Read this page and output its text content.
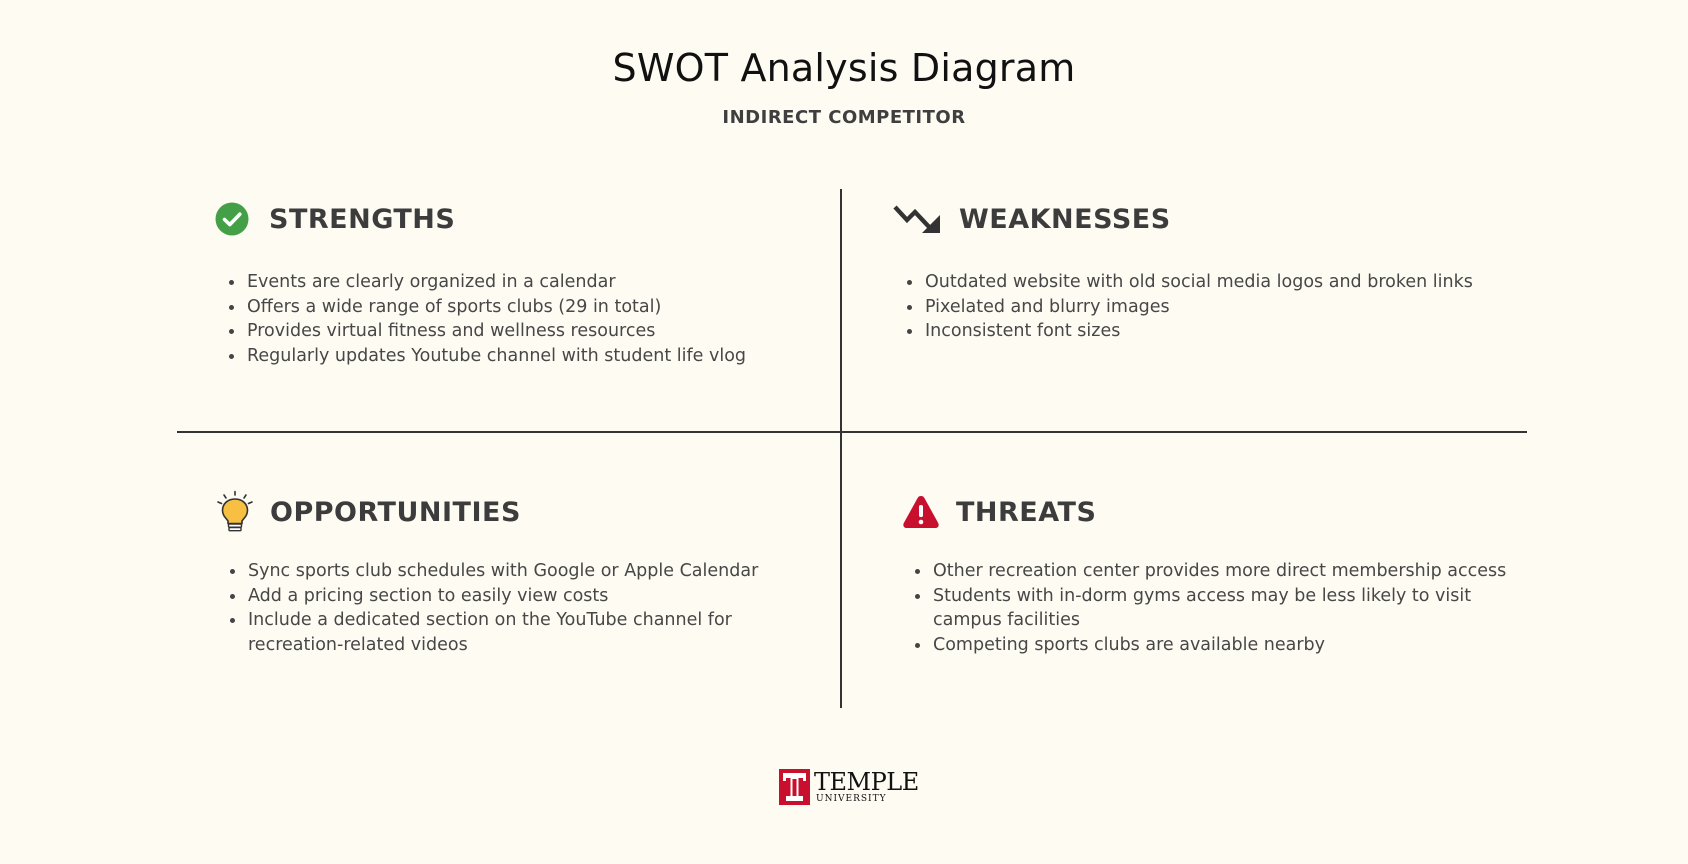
SWOT Analysis Diagram
INDIRECT COMPETITOR
STRENGTHS
• Events are clearly organized in a calendar
• Offers a wide range of sports clubs (29 in total)
• Provides virtual fitness and wellness resources
• Regularly updates Youtube channel with student life vlog
WEAKNESSES
• Outdated website with old social media logos and broken links
• Pixelated and blurry images
• Inconsistent font sizes
OPPORTUNITIES
• Sync sports club schedules with Google or Apple Calendar
• Add a pricing section to easily view costs
• Include a dedicated section on the YouTube channel for recreation-related videos
THREATS
• Other recreation center provides more direct membership access
• Students with in-dorm gyms access may be less likely to visit campus facilities
• Competing sports clubs are available nearby
TEMPLE
UNIVERSITY
